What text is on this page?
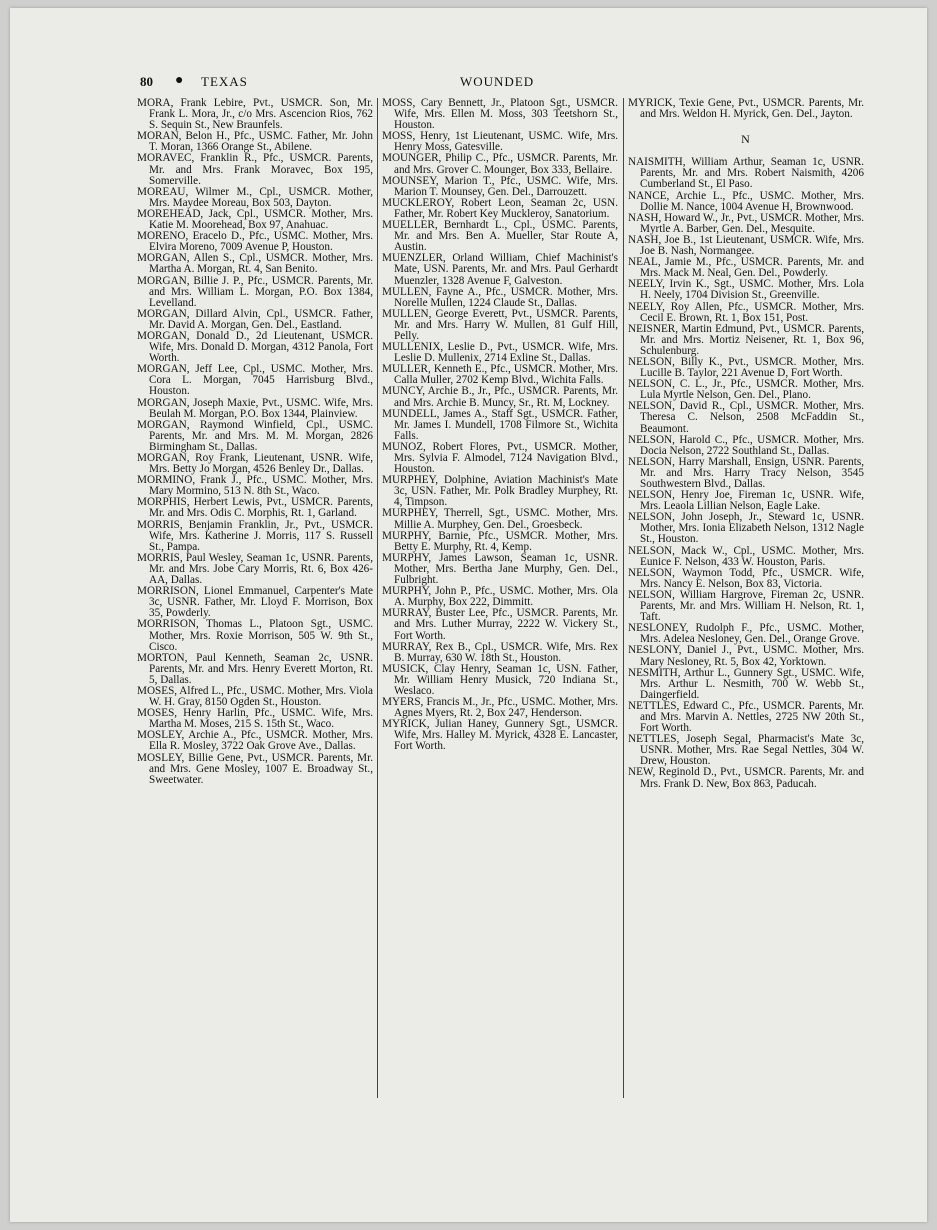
80 ● TEXAS	WOUNDED

MORA, Frank Lebire, Pvt., USMCR. Son, Mr. Frank L. Mora, Jr., c/o Mrs. Ascencion Rios, 762 S. Sequin St., New Braunfels.

MORAN, Belon H., Pfc., USMC. Father, Mr. John T. Moran, 1366 Orange St., Abilene.

MORAVEC, Franklin R., Pfc., USMCR. Parents, Mr. and Mrs. Frank Moravec, Box 195, Somerville.

MOREAU, Wilmer M., Cpl., USMCR. Mother, Mrs. Maydee Moreau, Box 503, Dayton.

MOREHEAD, Jack, Cpl., USMCR. Mother, Mrs. Katie M. Moorehead, Box 97, Anahuac.

MORENO, Eracelo D., Pfc., USMC. Mother, Mrs. Elvira Moreno, 7009 Avenue P, Houston.

MORGAN, Allen S., Cpl., USMCR. Mother, Mrs. Martha A. Morgan, Rt. 4, San Benito.

MORGAN, Billie J. P., Pfc., USMCR. Parents, Mr. and Mrs. William L. Morgan, P.O. Box 1384, Levelland.

MORGAN, Dillard Alvin, Cpl., USMCR. Father, Mr. David A. Morgan, Gen. Del., Eastland.

MORGAN, Donald D., 2d Lieutenant, USMCR. Wife, Mrs. Donald D. Morgan, 4312 Panola, Fort Worth.

MORGAN, Jeff Lee, Cpl., USMC. Mother, Mrs. Cora L. Morgan, 7045 Harrisburg Blvd., Houston.

MORGAN, Joseph Maxie, Pvt., USMC. Wife, Mrs. Beulah M. Morgan, P.O. Box 1344, Plainview.

MORGAN, Raymond Winfield, Cpl., USMC. Parents, Mr. and Mrs. M. M. Morgan, 2826 Birmingham St., Dallas.

MORGAN, Roy Frank, Lieutenant, USNR. Wife, Mrs. Betty Jo Morgan, 4526 Benley Dr., Dallas.

MORMINO, Frank J., Pfc., USMC. Mother, Mrs. Mary Mormino, 513 N. 8th St., Waco.

MORPHIS, Herbert Lewis, Pvt., USMCR. Parents, Mr. and Mrs. Odis C. Morphis, Rt. 1, Garland.

MORRIS, Benjamin Franklin, Jr., Pvt., USMCR. Wife, Mrs. Katherine J. Morris, 117 S. Russell St., Pampa.

MORRIS, Paul Wesley, Seaman 1c, USNR. Parents, Mr. and Mrs. Jobe Cary Morris, Rt. 6, Box 426-AA, Dallas.

MORRISON, Lionel Emmanuel, Carpenter's Mate 3c, USNR. Father, Mr. Lloyd F. Morrison, Box 35, Powderly.

MORRISON, Thomas L., Platoon Sgt., USMC. Mother, Mrs. Roxie Morrison, 505 W. 9th St., Cisco.

MORTON, Paul Kenneth, Seaman 2c, USNR. Parents, Mr. and Mrs. Henry Everett Morton, Rt. 5, Dallas.

MOSES, Alfred L., Pfc., USMC. Mother, Mrs. Viola W. H. Gray, 8150 Ogden St., Houston.

MOSES, Henry Harlin, Pfc., USMC. Wife, Mrs. Martha M. Moses, 215 S. 15th St., Waco.

MOSLEY, Archie A., Pfc., USMCR. Mother, Mrs. Ella R. Mosley, 3722 Oak Grove Ave., Dallas.

MOSLEY, Billie Gene, Pvt., USMCR. Parents, Mr. and Mrs. Gene Mosley, 1007 E. Broadway St., Sweetwater.

MOSS, Cary Bennett, Jr., Platoon Sgt., USMCR. Wife, Mrs. Ellen M. Moss, 303 Teetshorn St., Houston.

MOSS, Henry, 1st Lieutenant, USMC. Wife, Mrs. Henry Moss, Gatesville.

MOUNGER, Philip C., Pfc., USMCR. Parents, Mr. and Mrs. Grover C. Mounger, Box 333, Bellaire.

MOUNSEY, Marion T., Pfc., USMC. Wife, Mrs. Marion T. Mounsey, Gen. Del., Darrouzett.

MUCKLEROY, Robert Leon, Seaman 2c, USN. Father, Mr. Robert Key Muckleroy, Sanatorium.

MUELLER, Bernhardt L., Cpl., USMC. Parents, Mr. and Mrs. Ben A. Mueller, Star Route A, Austin.

MUENZLER, Orland William, Chief Machinist's Mate, USN. Parents, Mr. and Mrs. Paul Gerhardt Muenzler, 1328 Avenue F, Galveston.

MULLEN, Fayne A., Pfc., USMCR. Mother, Mrs. Norelle Mullen, 1224 Claude St., Dallas.

MULLEN, George Everett, Pvt., USMCR. Parents, Mr. and Mrs. Harry W. Mullen, 81 Gulf Hill, Pelly.

MULLENIX, Leslie D., Pvt., USMCR. Wife, Mrs. Leslie D. Mullenix, 2714 Exline St., Dallas.

MULLER, Kenneth E., Pfc., USMCR. Mother, Mrs. Calla Muller, 2702 Kemp Blvd., Wichita Falls.

MUNCY, Archie B., Jr., Pfc., USMCR. Parents, Mr. and Mrs. Archie B. Muncy, Sr., Rt. M, Lockney.

MUNDELL, James A., Staff Sgt., USMCR. Father, Mr. James I. Mundell, 1708 Filmore St., Wichita Falls.

MUNOZ, Robert Flores, Pvt., USMCR. Mother, Mrs. Sylvia F. Almodel, 7124 Navigation Blvd., Houston.

MURPHEY, Dolphine, Aviation Machinist's Mate 3c, USN. Father, Mr. Polk Bradley Murphey, Rt. 4, Timpson.

MURPHEY, Therrell, Sgt., USMC. Mother, Mrs. Millie A. Murphey, Gen. Del., Groesbeck.

MURPHY, Barnie, Pfc., USMCR. Mother, Mrs. Betty E. Murphy, Rt. 4, Kemp.

MURPHY, James Lawson, Seaman 1c, USNR. Mother, Mrs. Bertha Jane Murphy, Gen. Del., Fulbright.

MURPHY, John P., Pfc., USMC. Mother, Mrs. Ola A. Murphy, Box 222, Dimmitt.

MURRAY, Buster Lee, Pfc., USMCR. Parents, Mr. and Mrs. Luther Murray, 2222 W. Vickery St., Fort Worth.

MURRAY, Rex B., Cpl., USMCR. Wife, Mrs. Rex B. Murray, 630 W. 18th St., Houston.

MUSICK, Clay Henry, Seaman 1c, USN. Father, Mr. William Henry Musick, 720 Indiana St., Weslaco.

MYERS, Francis M., Jr., Pfc., USMC. Mother, Mrs. Agnes Myers, Rt. 2, Box 247, Henderson.

MYRICK, Julian Haney, Gunnery Sgt., USMCR. Wife, Mrs. Halley M. Myrick, 4328 E. Lancaster, Fort Worth.

MYRICK, Texie Gene, Pvt., USMCR. Parents, Mr. and Mrs. Weldon H. Myrick, Gen. Del., Jayton.

N

NAISMITH, William Arthur, Seaman 1c, USNR. Parents, Mr. and Mrs. Robert Naismith, 4206 Cumberland St., El Paso.

NANCE, Archie L., Pfc., USMC. Mother, Mrs. Dollie M. Nance, 1004 Avenue H, Brownwood.

NASH, Howard W., Jr., Pvt., USMCR. Mother, Mrs. Myrtle A. Barber, Gen. Del., Mesquite.

NASH, Joe B., 1st Lieutenant, USMCR. Wife, Mrs. Joe B. Nash, Normangee.

NEAL, Jamie M., Pfc., USMCR. Parents, Mr. and Mrs. Mack M. Neal, Gen. Del., Powderly.

NEELY, Irvin K., Sgt., USMC. Mother, Mrs. Lola H. Neely, 1704 Division St., Greenville.

NEELY, Roy Allen, Pfc., USMCR. Mother, Mrs. Cecil E. Brown, Rt. 1, Box 151, Post.

NEISNER, Martin Edmund, Pvt., USMCR. Parents, Mr. and Mrs. Mortiz Neisener, Rt. 1, Box 96, Schulenburg.

NELSON, Billy K., Pvt., USMCR. Mother, Mrs. Lucille B. Taylor, 221 Avenue D, Fort Worth.

NELSON, C. L., Jr., Pfc., USMCR. Mother, Mrs. Lula Myrtle Nelson, Gen. Del., Plano.

NELSON, David R., Cpl., USMCR. Mother, Mrs. Theresa C. Nelson, 2508 McFaddin St., Beaumont.

NELSON, Harold C., Pfc., USMCR. Mother, Mrs. Docia Nelson, 2722 Southland St., Dallas.

NELSON, Harry Marshall, Ensign, USNR. Parents, Mr. and Mrs. Harry Tracy Nelson, 3545 Southwestern Blvd., Dallas.

NELSON, Henry Joe, Fireman 1c, USNR. Wife, Mrs. Leaola Lillian Nelson, Eagle Lake.

NELSON, John Joseph, Jr., Steward 1c, USNR. Mother, Mrs. Ionia Elizabeth Nelson, 1312 Nagle St., Houston.

NELSON, Mack W., Cpl., USMC. Mother, Mrs. Eunice F. Nelson, 433 W. Houston, Paris.

NELSON, Waymon Todd, Pfc., USMCR. Wife, Mrs. Nancy E. Nelson, Box 83, Victoria.

NELSON, William Hargrove, Fireman 2c, USNR. Parents, Mr. and Mrs. William H. Nelson, Rt. 1, Taft.

NESLONEY, Rudolph F., Pfc., USMC. Mother, Mrs. Adelea Nesloney, Gen. Del., Orange Grove.

NESLONY, Daniel J., Pvt., USMC. Mother, Mrs. Mary Nesloney, Rt. 5, Box 42, Yorktown.

NESMITH, Arthur L., Gunnery Sgt., USMC. Wife, Mrs. Arthur L. Nesmith, 700 W. Webb St., Daingerfield.

NETTLES, Edward C., Pfc., USMCR. Parents, Mr. and Mrs. Marvin A. Nettles, 2725 NW 20th St., Fort Worth.

NETTLES, Joseph Segal, Pharmacist's Mate 3c, USNR. Mother, Mrs. Rae Segal Nettles, 304 W. Drew, Houston.

NEW, Reginold D., Pvt., USMCR. Parents, Mr. and Mrs. Frank D. New, Box 863, Paducah.
